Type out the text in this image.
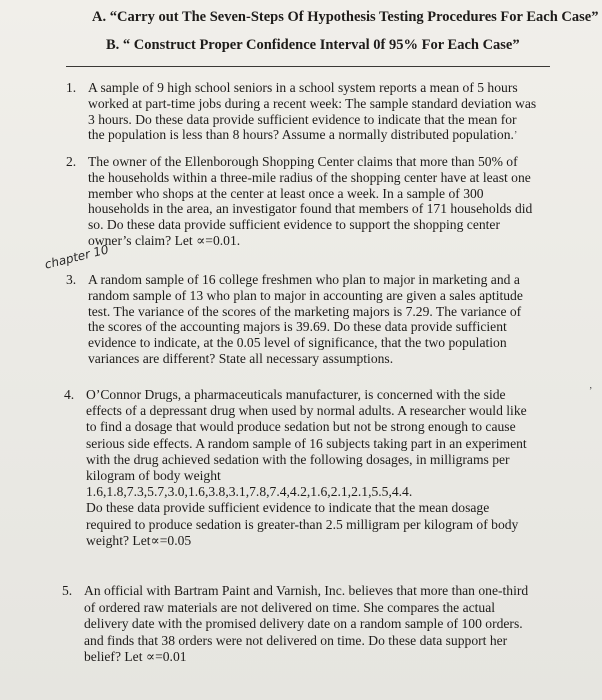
A. “Carry out The Seven-Steps Of Hypothesis Testing Procedures For Each Case”
B. “ Construct Proper Confidence Interval 0f 95% For Each Case”
chapter 10
’
’
1. A sample of 9 high school seniors in a school system reports a mean of 5 hours
worked at part-time jobs during a recent week: The sample standard deviation was
3 hours. Do these data provide sufficient evidence to indicate that the mean for
the population is less than 8 hours? Assume a normally distributed population.
2. The owner of the Ellenborough Shopping Center claims that more than 50% of
the households within a three-mile radius of the shopping center have at least one
member who shops at the center at least once a week. In a sample of 300
households in the area, an investigator found that members of 171 households did
so. Do these data provide sufficient evidence to support the shopping center
owner’s claim? Let ∝=0.01.
3. A random sample of 16 college freshmen who plan to major in marketing and a
random sample of 13 who plan to major in accounting are given a sales aptitude
test. The variance of the scores of the marketing majors is 7.29. The variance of
the scores of the accounting majors is 39.69. Do these data provide sufficient
evidence to indicate, at the 0.05 level of significance, that the two population
variances are different? State all necessary assumptions.
4. O’Connor Drugs, a pharmaceuticals manufacturer, is concerned with the side
effects of a depressant drug when used by normal adults. A researcher would like
to find a dosage that would produce sedation but not be strong enough to cause
serious side effects. A random sample of 16 subjects taking part in an experiment
with the drug achieved sedation with the following dosages, in milligrams per
kilogram of body weight
1.6,1.8,7.3,5.7,3.0,1.6,3.8,3.1,7.8,7.4,4.2,1.6,2.1,2.1,5.5,4.4.
Do these data provide sufficient evidence to indicate that the mean dosage
required to produce sedation is greater-than 2.5 milligram per kilogram of body
weight? Let∝=0.05
5. An official with Bartram Paint and Varnish, Inc. believes that more than one-third
of ordered raw materials are not delivered on time. She compares the actual
delivery date with the promised delivery date on a random sample of 100 orders.
and finds that 38 orders were not delivered on time. Do these data support her
belief? Let ∝=0.01
